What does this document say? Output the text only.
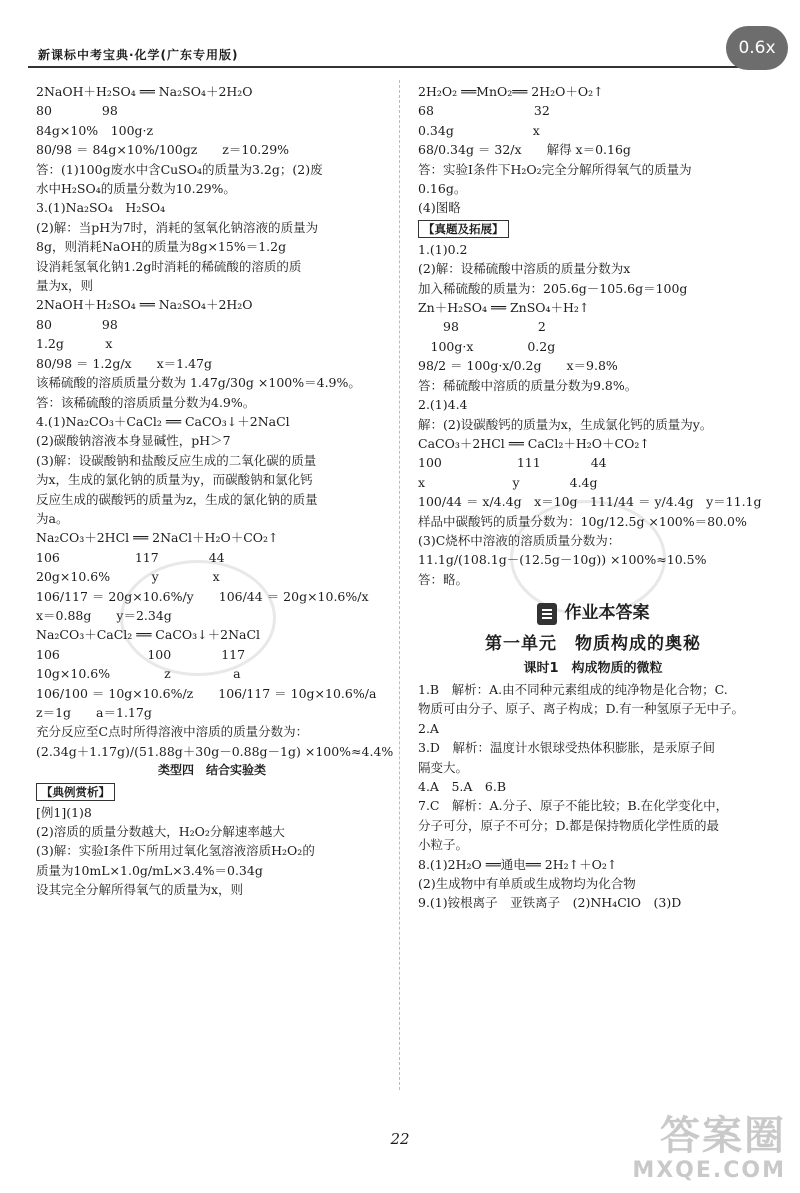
新课标中考宝典·化学(广东专用版)	0.6x
2NaOH＋H₂SO₄ ══ Na₂SO₄＋2H₂O
80　　　　98
84g×10%　100g·z
80/98 ＝ 84g×10%/100gz　　z＝10.29%
答：(1)100g废水中含CuSO₄的质量为3.2g；(2)废
水中H₂SO₄的质量分数为10.29%。
3.(1)Na₂SO₄　H₂SO₄
(2)解：当pH为7时，消耗的氢氧化钠溶液的质量为
8g，则消耗NaOH的质量为8g×15%＝1.2g
设消耗氢氧化钠1.2g时消耗的稀硫酸的溶质的质
量为x，则
2NaOH＋H₂SO₄ ══ Na₂SO₄＋2H₂O
80　　　　98
1.2g　　　 x
80/98 ＝ 1.2g/x　　x＝1.47g
该稀硫酸的溶质质量分数为 1.47g/30g ×100%＝4.9%。
答：该稀硫酸的溶质质量分数为4.9%。
4.(1)Na₂CO₃＋CaCl₂ ══ CaCO₃↓＋2NaCl
(2)碳酸钠溶液本身显碱性，pH＞7
(3)解：设碳酸钠和盐酸反应生成的二氧化碳的质量
为x，生成的氯化钠的质量为y，而碳酸钠和氯化钙
反应生成的碳酸钙的质量为z，生成的氯化钠的质量
为a。
Na₂CO₃＋2HCl ══ 2NaCl＋H₂O＋CO₂↑
106　　　　　　117　　　　44
20g×10.6%　　　 y　　　　 x
106/117 ＝ 20g×10.6%/y　　106/44 ＝ 20g×10.6%/x
x＝0.88g　　y＝2.34g
Na₂CO₃＋CaCl₂ ══ CaCO₃↓＋2NaCl
106　　　　　　　100　　　　117
10g×10.6%　　　　 z　　　　　a
106/100 ＝ 10g×10.6%/z　　106/117 ＝ 10g×10.6%/a
z＝1g　　a＝1.17g
充分反应至C点时所得溶液中溶质的质量分数为：
(2.34g＋1.17g)/(51.88g＋30g－0.88g－1g) ×100%≈4.4%
类型四　结合实验类
【典例赏析】
[例1](1)8
(2)溶质的质量分数越大，H₂O₂分解速率越大
(3)解：实验Ⅰ条件下所用过氧化氢溶液溶质H₂O₂的
质量为10mL×1.0g/mL×3.4%＝0.34g
设其完全分解所得氧气的质量为x，则
2H₂O₂ ══MnO₂══ 2H₂O＋O₂↑
68　　　　　　　　32
0.34g　　　　　　 x
68/0.34g ＝ 32/x　　解得 x＝0.16g
答：实验Ⅰ条件下H₂O₂完全分解所得氧气的质量为
0.16g。
(4)图略
【真题及拓展】
1.(1)0.2
(2)解：设稀硫酸中溶质的质量分数为x
加入稀硫酸的质量为：205.6g－105.6g＝100g
Zn＋H₂SO₄ ══ ZnSO₄＋H₂↑
　　98　　　　　　 2
　100g·x　　　　 0.2g
98/2 ＝ 100g·x/0.2g　　x＝9.8%
答：稀硫酸中溶质的质量分数为9.8%。
2.(1)4.4
解：(2)设碳酸钙的质量为x，生成氯化钙的质量为y。
CaCO₃＋2HCl ══ CaCl₂＋H₂O＋CO₂↑
100　　　　　　111　　　　44
x　　　　　　　y　　　　4.4g
100/44 ＝ x/4.4g　x＝10g　111/44 ＝ y/4.4g　y＝11.1g
样品中碳酸钙的质量分数为：10g/12.5g ×100%＝80.0%
(3)C烧杯中溶液的溶质质量分数为：
11.1g/(108.1g－(12.5g－10g)) ×100%≈10.5%
答：略。
作业本答案
第一单元　物质构成的奥秘
课时1　构成物质的微粒
1.B　解析：A.由不同种元素组成的纯净物是化合物；C.
物质可由分子、原子、离子构成；D.有一种氢原子无中子。
2.A
3.D　解析：温度计水银球受热体积膨胀，是汞原子间
隔变大。
4.A　5.A　6.B
7.C　解析：A.分子、原子不能比较；B.在化学变化中，
分子可分，原子不可分；D.都是保持物质化学性质的最
小粒子。
8.(1)2H₂O ══通电══ 2H₂↑＋O₂↑
(2)生成物中有单质或生成物均为化合物
9.(1)铵根离子　亚铁离子　(2)NH₄ClO　(3)D
22	答案圈
MXQE.COM
